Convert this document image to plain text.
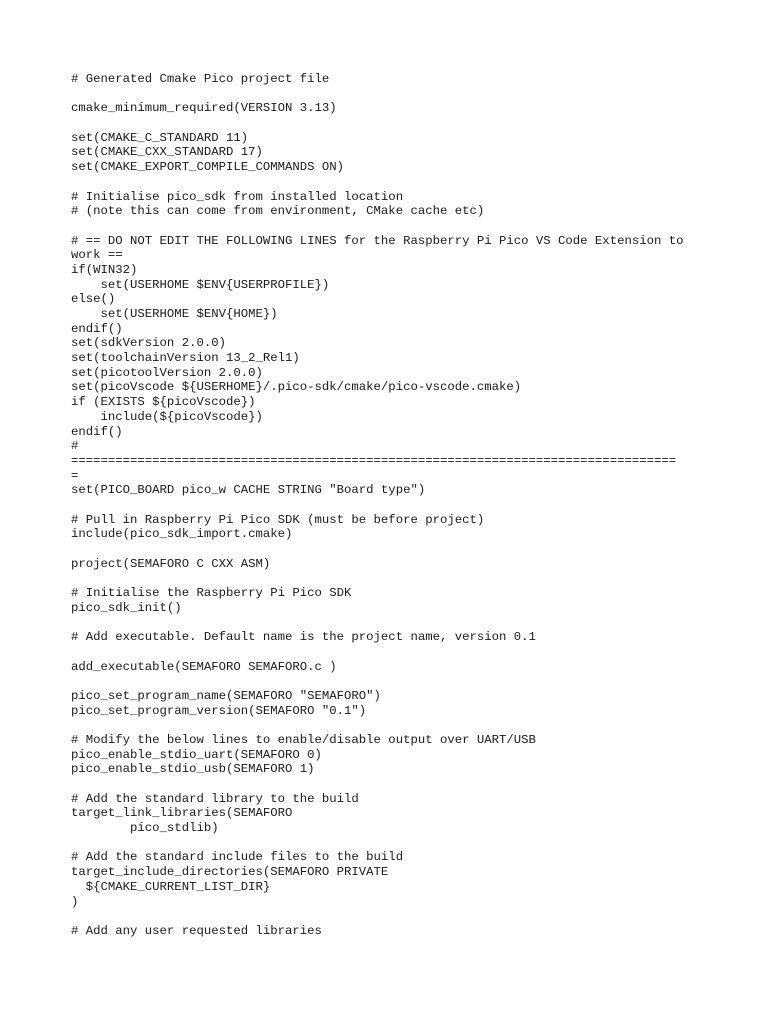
# Generated Cmake Pico project file
cmake_minimum_required(VERSION 3.13)
set(CMAKE_C_STANDARD 11)
set(CMAKE_CXX_STANDARD 17)
set(CMAKE_EXPORT_COMPILE_COMMANDS ON)
# Initialise pico_sdk from installed location
# (note this can come from environment, CMake cache etc)
# == DO NOT EDIT THE FOLLOWING LINES for the Raspberry Pi Pico VS Code Extension to
work ==
if(WIN32)
set(USERHOME $ENV{USERPROFILE})
else()
set(USERHOME $ENV{HOME})
endif()
set(sdkVersion 2.0.0)
set(toolchainVersion 13_2_Rel1)
set(picotoolVersion 2.0.0)
set(picoVscode ${USERHOME}/.pico-sdk/cmake/pico-vscode.cmake)
if (EXISTS ${picoVscode})
include(${picoVscode})
endif()
#
==================================================================================
=
set(PICO_BOARD pico_w CACHE STRING "Board type")
# Pull in Raspberry Pi Pico SDK (must be before project)
include(pico_sdk_import.cmake)
project(SEMAFORO C CXX ASM)
# Initialise the Raspberry Pi Pico SDK
pico_sdk_init()
# Add executable. Default name is the project name, version 0.1
add_executable(SEMAFORO SEMAFORO.c )
pico_set_program_name(SEMAFORO "SEMAFORO")
pico_set_program_version(SEMAFORO "0.1")
# Modify the below lines to enable/disable output over UART/USB
pico_enable_stdio_uart(SEMAFORO 0)
pico_enable_stdio_usb(SEMAFORO 1)
# Add the standard library to the build
target_link_libraries(SEMAFORO
pico_stdlib)
# Add the standard include files to the build
target_include_directories(SEMAFORO PRIVATE
${CMAKE_CURRENT_LIST_DIR}
)
# Add any user requested libraries
